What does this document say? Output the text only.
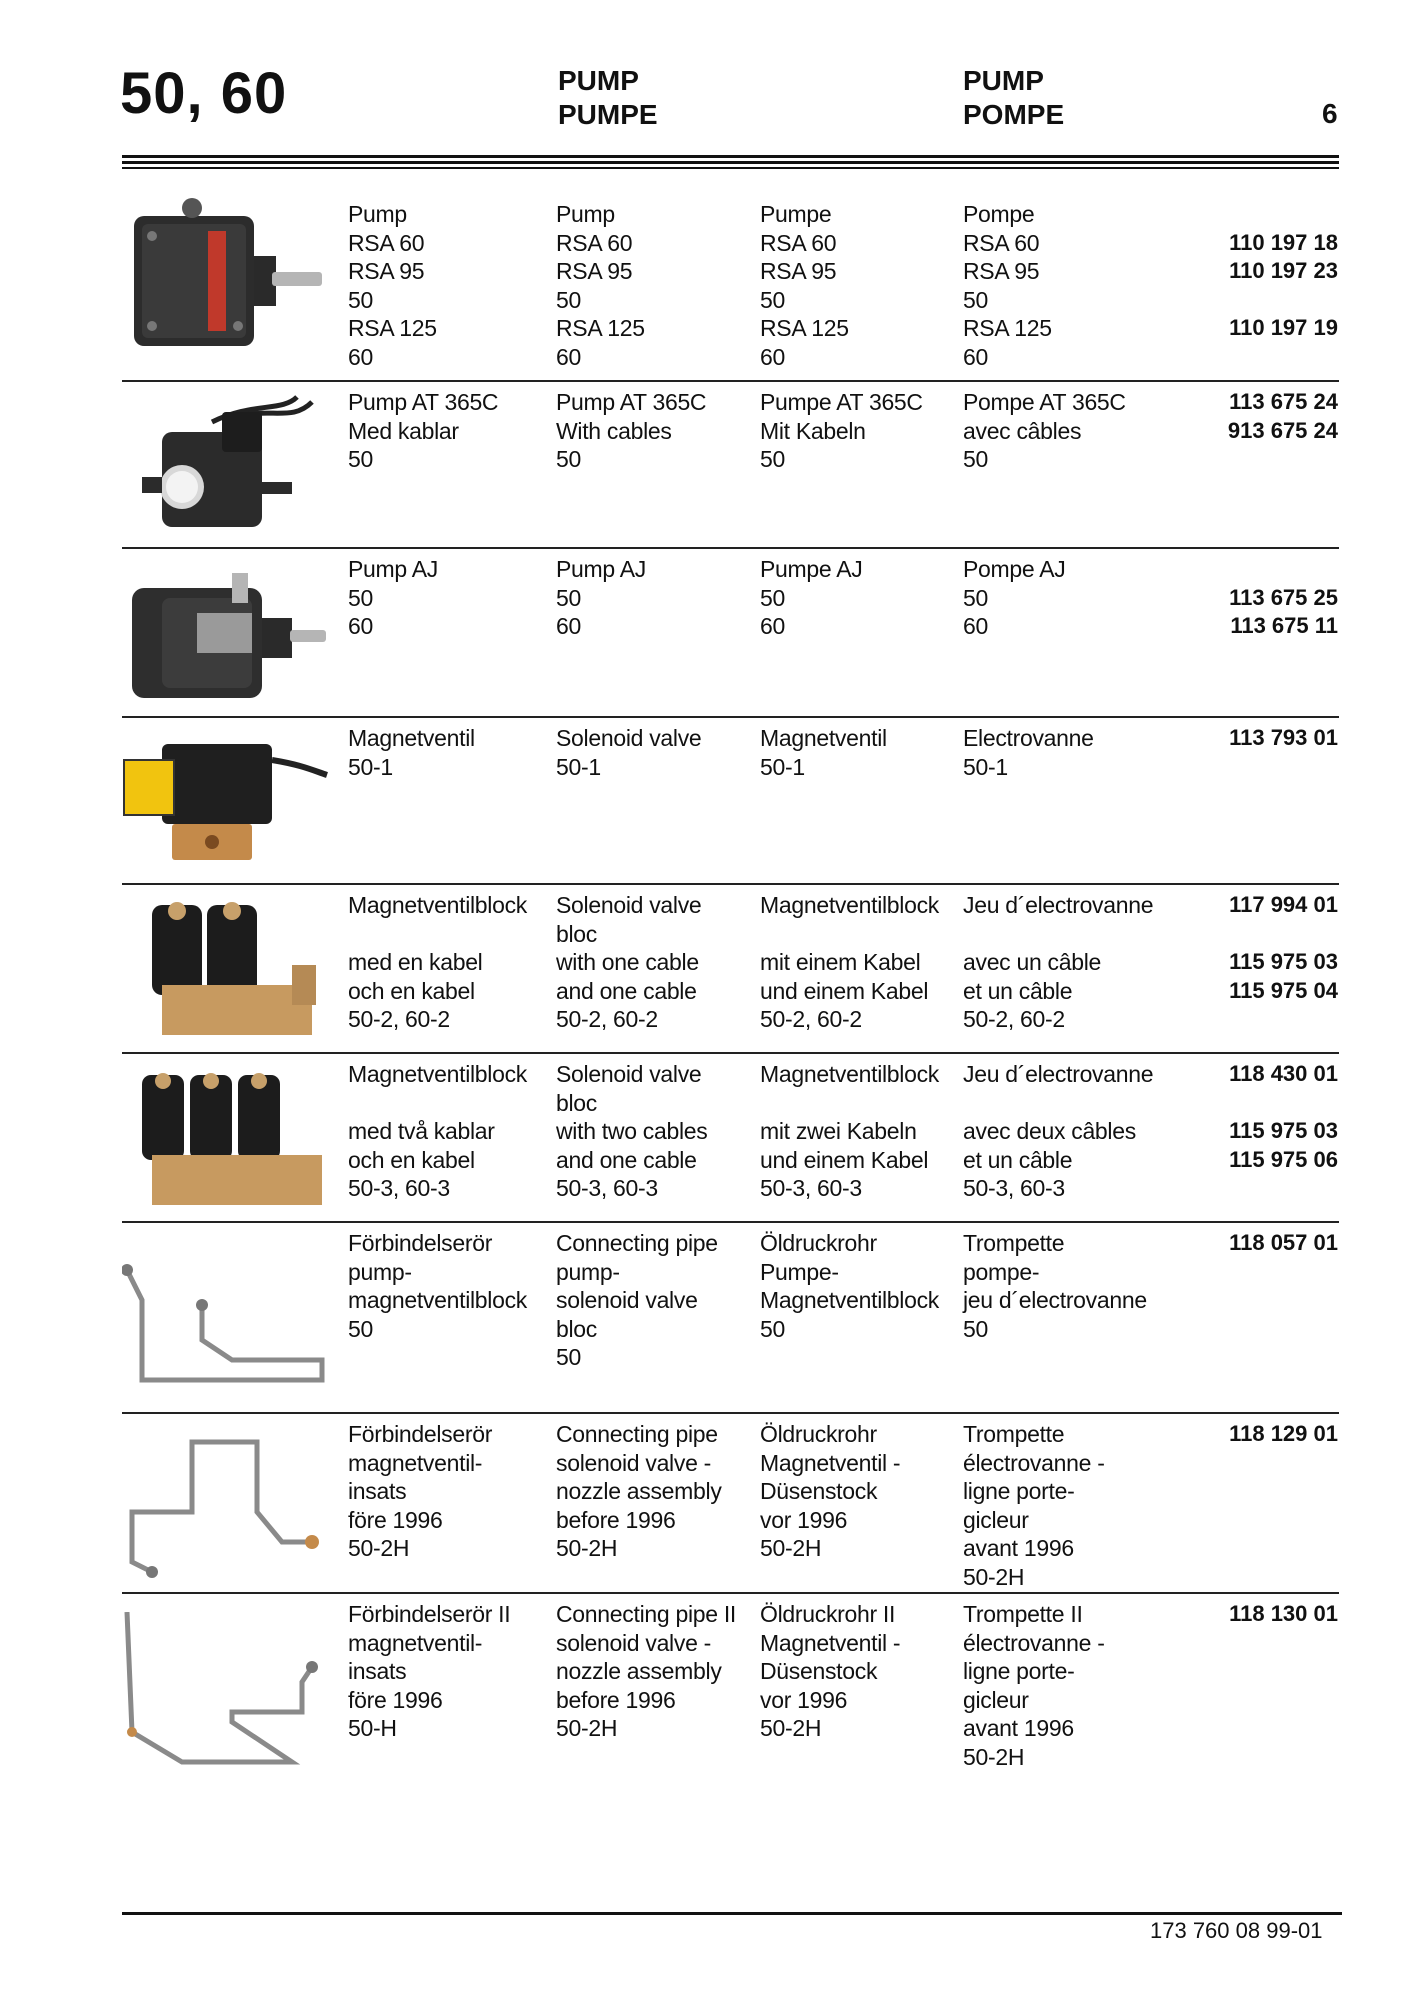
50, 60	PUMP
PUMPE
PUMP
POMPE	6
Pump
RSA 60
RSA 95
50
RSA 125
60
Pump
RSA 60
RSA 95
50
RSA 125
60
Pumpe
RSA 60
RSA 95
50
RSA 125
60
Pompe
RSA 60
RSA 95
50
RSA 125
60
110 197 18
110 197 23
110 197 19
Pump AT 365C
Med kablar
50
Pump AT 365C
With cables
50
Pumpe AT 365C
Mit Kabeln
50
Pompe AT 365C
avec câbles
50
113 675 24
913 675 24
Pump AJ
50
60
Pump AJ
50
60
Pumpe AJ
50
60
Pompe AJ
50
60
113 675 25
113 675 11
Magnetventil
50-1
Solenoid valve
50-1
Magnetventil
50-1
Electrovanne
50-1
113 793 01
Magnetventilblock
med en kabel
och en kabel
50-2, 60-2
Solenoid valve
bloc
with one cable
and one cable
50-2, 60-2
Magnetventilblock
mit einem Kabel
und einem Kabel
50-2, 60-2
Jeu d´electrovanne
avec un câble
et un câble
50-2, 60-2
117 994 01
115 975 03
115 975 04
Magnetventilblock
med två kablar
och en kabel
50-3, 60-3
Solenoid valve
bloc
with two cables
and one cable
50-3, 60-3
Magnetventilblock
mit zwei Kabeln
und einem Kabel
50-3, 60-3
Jeu d´electrovanne
avec deux câbles
et un câble
50-3, 60-3
118 430 01
115 975 03
115 975 06
Förbindelserör
pump-
magnetventilblock
50
Connecting pipe
pump-
solenoid valve
bloc
50
Öldruckrohr
Pumpe-
Magnetventilblock
50
Trompette
pompe-
jeu d´electrovanne
50
118 057 01
Förbindelserör
magnetventil-
insats
före 1996
50-2H
Connecting pipe
solenoid valve -
nozzle assembly
before 1996
50-2H
Öldruckrohr
Magnetventil -
Düsenstock
vor 1996
50-2H
Trompette
électrovanne -
ligne porte-
gicleur
avant 1996
50-2H
118 129 01
Förbindelserör II
magnetventil-
insats
före 1996
50-H
Connecting pipe II
solenoid valve -
nozzle assembly
before 1996
50-2H
Öldruckrohr II
Magnetventil -
Düsenstock
vor 1996
50-2H
Trompette II
électrovanne -
ligne porte-
gicleur
avant 1996
50-2H
118 130 01
173 760 08 99-01
